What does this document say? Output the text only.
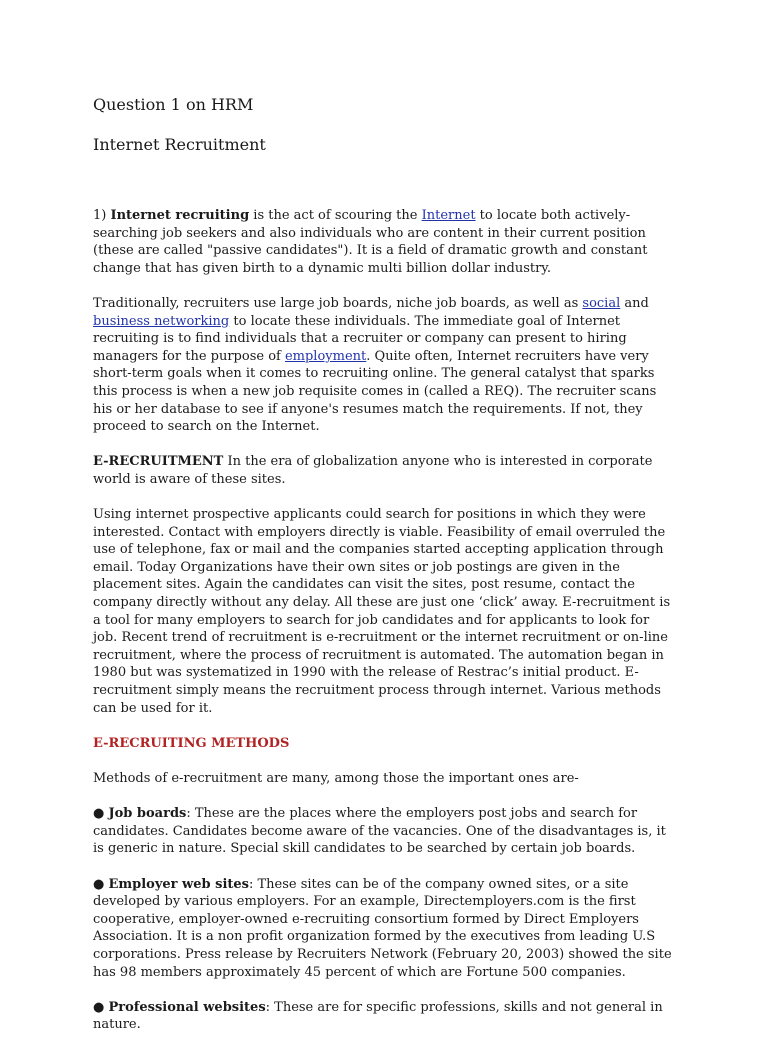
Question 1 on HRM
Internet Recruitment

1) Internet recruiting is the act of scouring the Internet to locate both actively-searching job seekers and also individuals who are content in their current position (these are called "passive candidates"). It is a field of dramatic growth and constant change that has given birth to a dynamic multi billion dollar industry.

Traditionally, recruiters use large job boards, niche job boards, as well as social and business networking to locate these individuals. The immediate goal of Internet recruiting is to find individuals that a recruiter or company can present to hiring managers for the purpose of employment. Quite often, Internet recruiters have very short-term goals when it comes to recruiting online. The general catalyst that sparks this process is when a new job requisite comes in (called a REQ). The recruiter scans his or her database to see if anyone's resumes match the requirements. If not, they proceed to search on the Internet.

E-RECRUITMENT In the era of globalization anyone who is interested in corporate world is aware of these sites.

Using internet prospective applicants could search for positions in which they were interested. Contact with employers directly is viable. Feasibility of email overruled the use of telephone, fax or mail and the companies started accepting application through email. Today Organizations have their own sites or job postings are given in the placement sites. Again the candidates can visit the sites, post resume, contact the company directly without any delay. All these are just one ‘click’ away. E-recruitment is a tool for many employers to search for job candidates and for applicants to look for job. Recent trend of recruitment is e-recruitment or the internet recruitment or on-line recruitment, where the process of recruitment is automated. The automation began in 1980 but was systematized in 1990 with the release of Restrac’s initial product. E-recruitment simply means the recruitment process through internet. Various methods can be used for it.

E-RECRUITING METHODS

Methods of e-recruitment are many, among those the important ones are-

● Job boards: These are the places where the employers post jobs and search for candidates. Candidates become aware of the vacancies. One of the disadvantages is, it is generic in nature. Special skill candidates to be searched by certain job boards.

● Employer web sites: These sites can be of the company owned sites, or a site developed by various employers. For an example, Directemployers.com is the first cooperative, employer-owned e-recruiting consortium formed by Direct Employers Association. It is a non profit organization formed by the executives from leading U.S corporations. Press release by Recruiters Network (February 20, 2003) showed the site has 98 members approximately 45 percent of which are Fortune 500 companies.

● Professional websites: These are for specific professions, skills and not general in nature.
